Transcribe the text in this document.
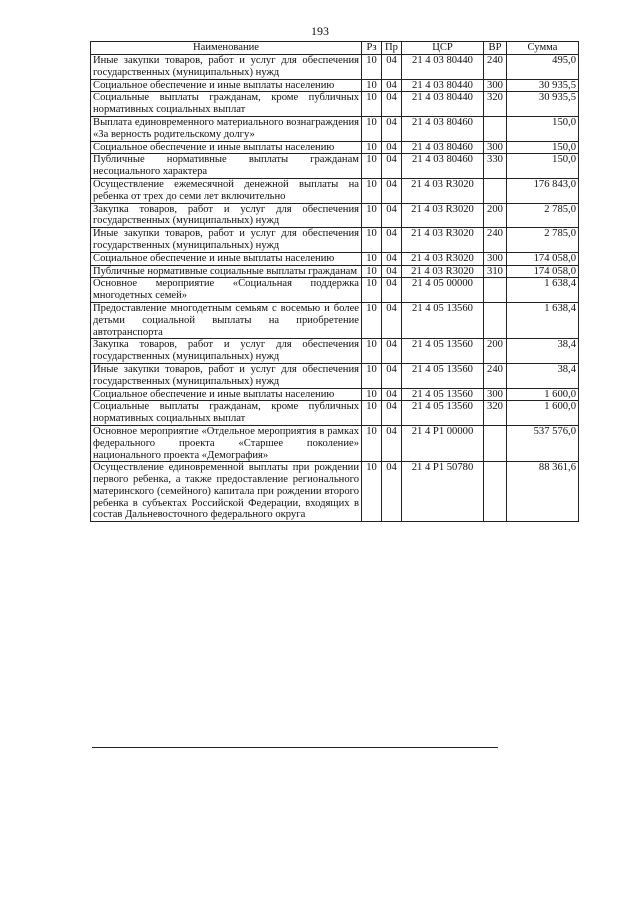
193
Наименование	Рз	Пр	ЦСР	ВР	Сумма
Иные закупки товаров, работ и услуг для обеспечения государственных (муниципальных) нужд	10	04	21 4 03 80440	240	495,0
Социальное обеспечение и иные выплаты населению	10	04	21 4 03 80440	300	30 935,5
Социальные выплаты гражданам, кроме публичных нормативных социальных выплат	10	04	21 4 03 80440	320	30 935,5
Выплата единовременного материального вознаграждения «За верность родительскому долгу»	10	04	21 4 03 80460		150,0
Социальное обеспечение и иные выплаты населению	10	04	21 4 03 80460	300	150,0
Публичные нормативные выплаты гражданам несоциального характера	10	04	21 4 03 80460	330	150,0
Осуществление ежемесячной денежной выплаты на ребенка от трех до семи лет включительно	10	04	21 4 03 R3020		176 843,0
Закупка товаров, работ и услуг для обеспечения государственных (муниципальных) нужд	10	04	21 4 03 R3020	200	2 785,0
Иные закупки товаров, работ и услуг для обеспечения государственных (муниципальных) нужд	10	04	21 4 03 R3020	240	2 785,0
Социальное обеспечение и иные выплаты населению	10	04	21 4 03 R3020	300	174 058,0
Публичные нормативные социальные выплаты гражданам	10	04	21 4 03 R3020	310	174 058,0
Основное мероприятие «Социальная поддержка многодетных семей»	10	04	21 4 05 00000		1 638,4
Предоставление многодетным семьям с восемью и более детьми социальной выплаты на приобретение автотранспорта	10	04	21 4 05 13560		1 638,4
Закупка товаров, работ и услуг для обеспечения государственных (муниципальных) нужд	10	04	21 4 05 13560	200	38,4
Иные закупки товаров, работ и услуг для обеспечения государственных (муниципальных) нужд	10	04	21 4 05 13560	240	38,4
Социальное обеспечение и иные выплаты населению	10	04	21 4 05 13560	300	1 600,0
Социальные выплаты гражданам, кроме публичных нормативных социальных выплат	10	04	21 4 05 13560	320	1 600,0
Основное мероприятие «Отдельное мероприятия в рамках федерального проекта «Старшее поколение» национального проекта «Демография»	10	04	21 4 P1 00000		537 576,0
Осуществление единовременной выплаты при рождении первого ребенка, а также предоставление регионального материнского (семейного) капитала при рождении второго ребенка в субъектах Российской Федерации, входящих в состав Дальневосточного федерального округа	10	04	21 4 P1 50780		88 361,6
